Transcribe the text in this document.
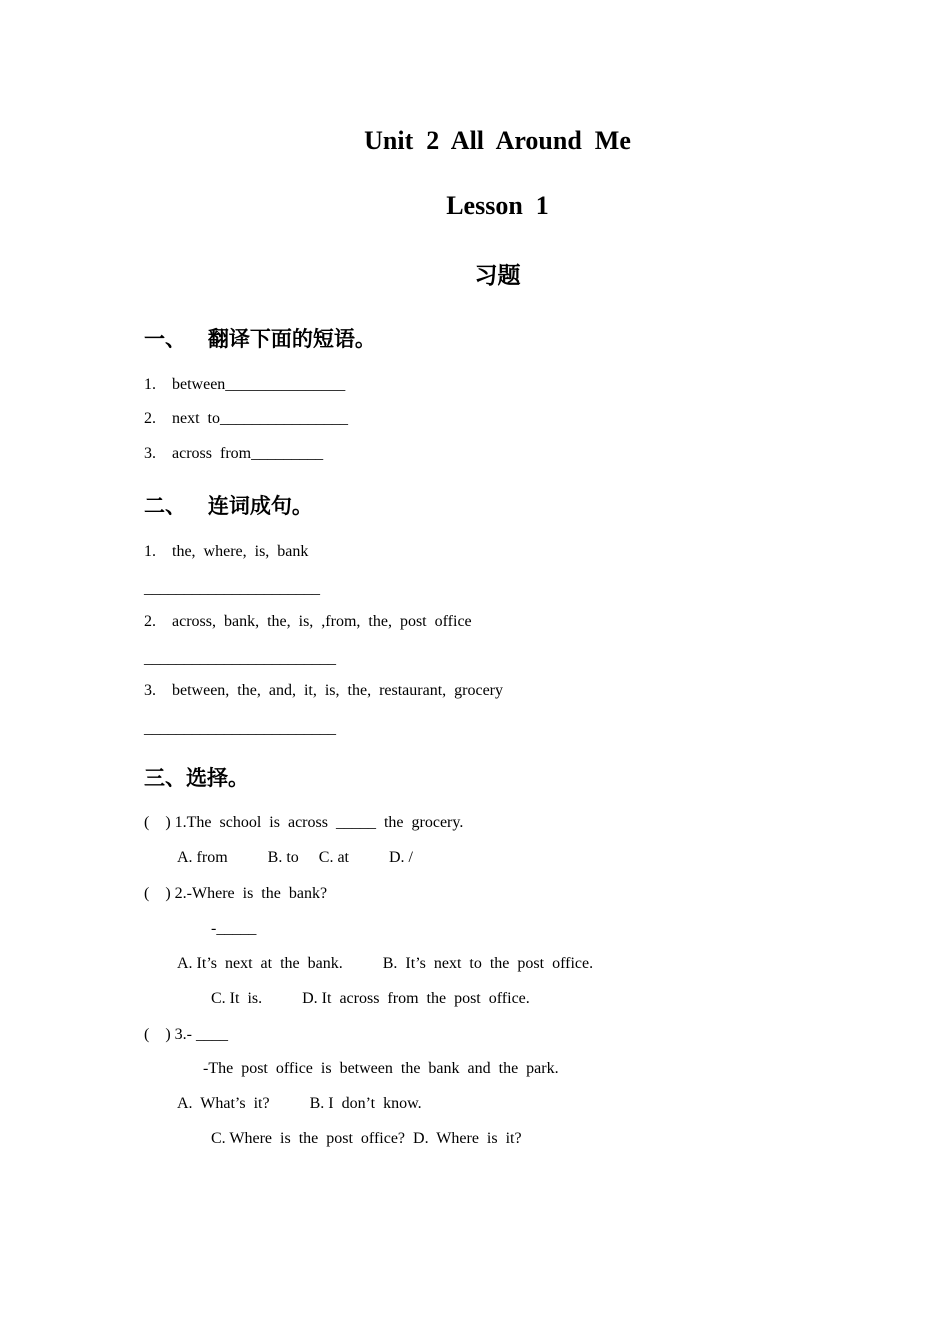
Unit  2  All  Around  Me
Lesson  1
习题
一、   翻译下面的短语。
1.    between_______________
2.    next  to________________
3.    across  from_________
二、   连词成句。
1.    the,  where,  is,  bank
______________________
2.    across,  bank,  the,  is,  ,from,  the,  post  office
________________________
3.    between,  the,  and,  it,  is,  the,  restaurant,  grocery
________________________
三、选择。
(    ) 1.The  school  is  across  _____  the  grocery.
A. from          B. to     C. at          D. /
(    ) 2.-Where  is  the  bank?
-_____
A. It’s  next  at  the  bank.          B.  It’s  next  to  the  post  office.
C. It  is.          D. It  across  from  the  post  office.
(    ) 3.- ____
-The  post  office  is  between  the  bank  and  the  park.
A.  What’s  it?          B. I  don’t  know.
C. Where  is  the  post  office?  D.  Where  is  it?
